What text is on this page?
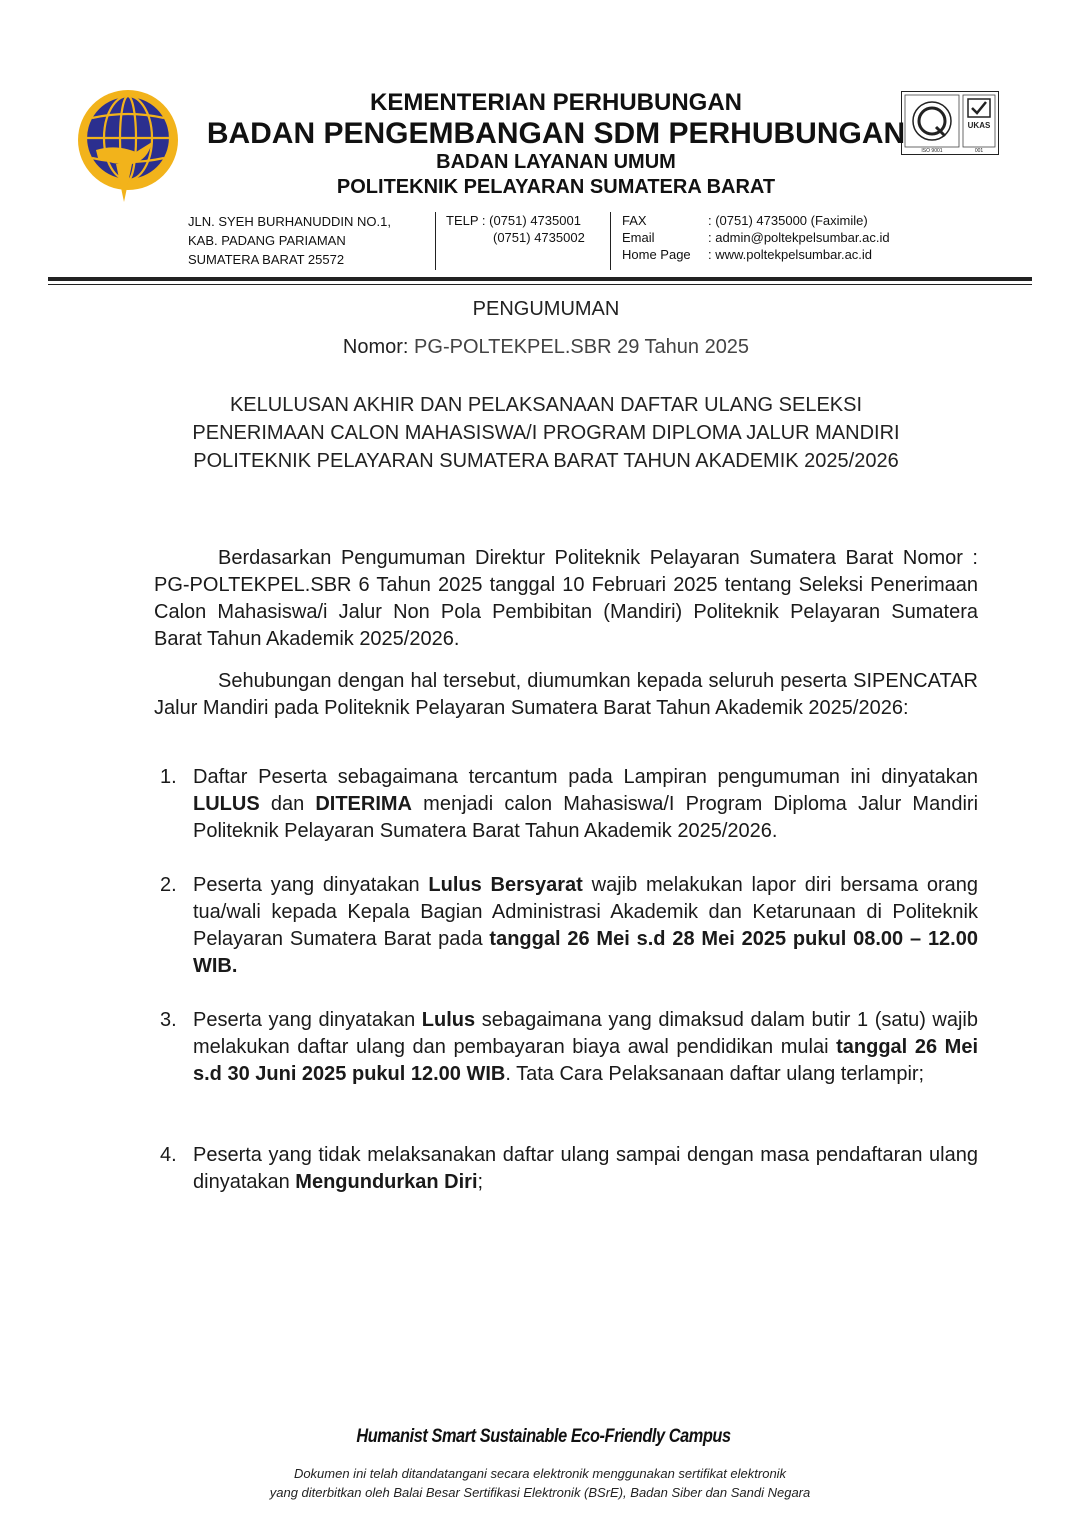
UKAS
ISO 9001	001
KEMENTERIAN PERHUBUNGAN
BADAN PENGEMBANGAN SDM PERHUBUNGAN
BADAN LAYANAN UMUM
POLITEKNIK PELAYARAN SUMATERA BARAT
JLN. SYEH BURHANUDDIN NO.1,
KAB. PADANG PARIAMAN
SUMATERA BARAT 25572
TELP : (0751) 4735001
(0751) 4735002
FAX	: (0751) 4735000 (Faximile)
Email	: admin@poltekpelsumbar.ac.id
Home Page	: www.poltekpelsumbar.ac.id
PENGUMUMAN
Nomor: PG-POLTEKPEL.SBR 29 Tahun 2025
KELULUSAN AKHIR DAN PELAKSANAAN DAFTAR ULANG SELEKSI
PENERIMAAN CALON MAHASISWA/I PROGRAM DIPLOMA JALUR MANDIRI
POLITEKNIK PELAYARAN SUMATERA BARAT TAHUN AKADEMIK 2025/2026
Berdasarkan Pengumuman Direktur Politeknik Pelayaran Sumatera Barat Nomor : PG-POLTEKPEL.SBR 6 Tahun 2025 tanggal 10 Februari 2025 tentang Seleksi Penerimaan Calon Mahasiswa/i Jalur Non Pola Pembibitan (Mandiri) Politeknik Pelayaran Sumatera Barat Tahun Akademik 2025/2026.
Sehubungan dengan hal tersebut, diumumkan kepada seluruh peserta SIPENCATAR Jalur Mandiri pada Politeknik Pelayaran Sumatera Barat Tahun Akademik 2025/2026:
1. Daftar Peserta sebagaimana tercantum pada Lampiran pengumuman ini dinyatakan LULUS dan DITERIMA menjadi calon Mahasiswa/I Program Diploma Jalur Mandiri Politeknik Pelayaran Sumatera Barat Tahun Akademik 2025/2026.
2. Peserta yang dinyatakan Lulus Bersyarat wajib melakukan lapor diri bersama orang tua/wali kepada Kepala Bagian Administrasi Akademik dan Ketarunaan di Politeknik Pelayaran Sumatera Barat pada tanggal 26 Mei s.d 28 Mei 2025 pukul 08.00 – 12.00 WIB.
3. Peserta yang dinyatakan Lulus sebagaimana yang dimaksud dalam butir 1 (satu) wajib melakukan daftar ulang dan pembayaran biaya awal pendidikan mulai tanggal 26 Mei s.d 30 Juni 2025 pukul 12.00 WIB. Tata Cara Pelaksanaan daftar ulang terlampir;
4. Peserta yang tidak melaksanakan daftar ulang sampai dengan masa pendaftaran ulang dinyatakan Mengundurkan Diri;
Humanist Smart Sustainable Eco-Friendly Campus
Dokumen ini telah ditandatangani secara elektronik menggunakan sertifikat elektronik
yang diterbitkan oleh Balai Besar Sertifikasi Elektronik (BSrE), Badan Siber dan Sandi Negara
